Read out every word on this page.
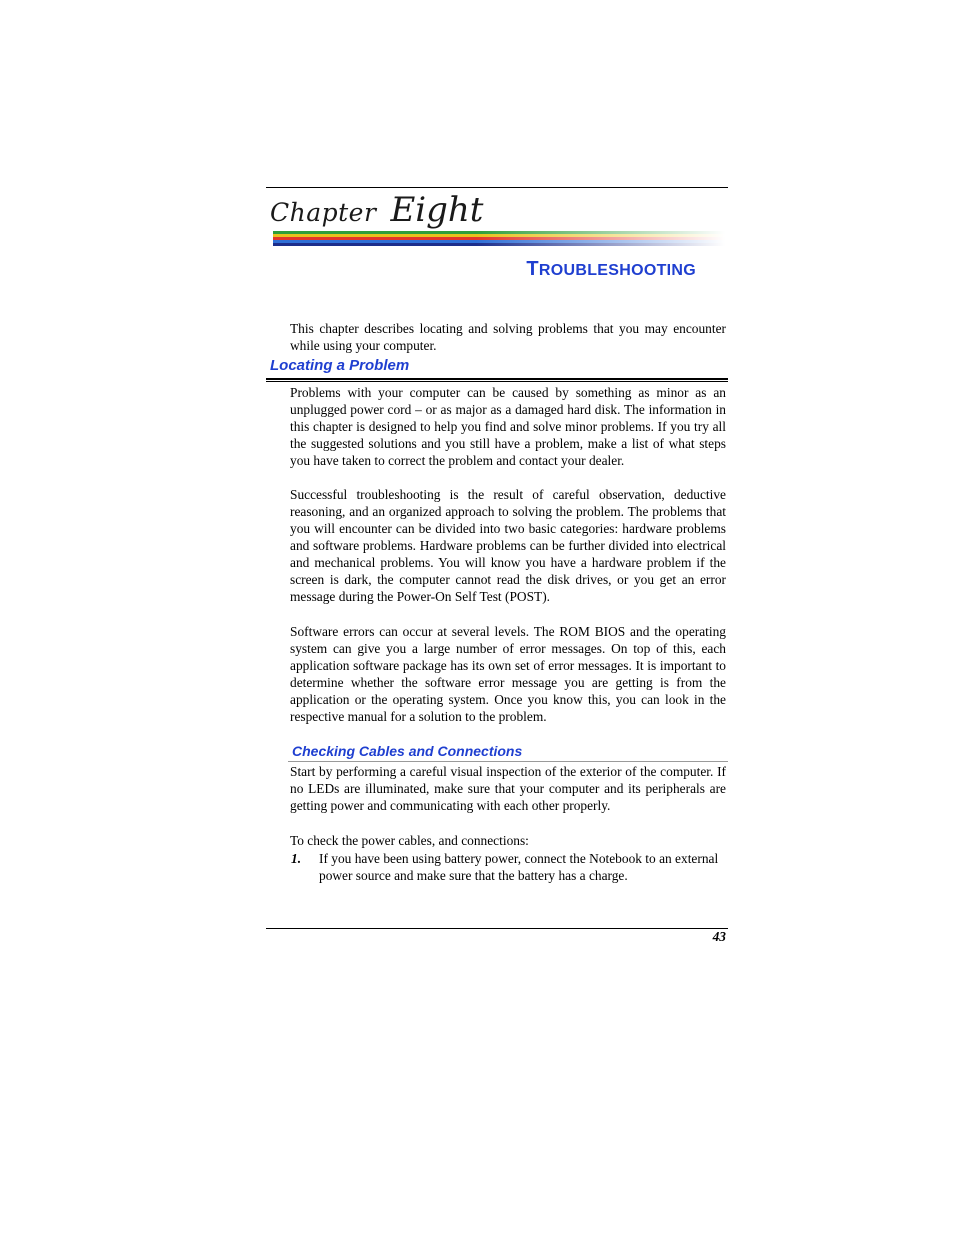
Chapter Eight
TROUBLESHOOTING
This chapter describes locating and solving problems that you may encounter while using your computer.
Locating a Problem
Problems with your computer can be caused by something as minor as an unplugged power cord – or as major as a damaged hard disk. The information in this chapter is designed to help you find and solve minor problems. If you try all the suggested solutions and you still have a problem, make a list of what steps you have taken to correct the problem and contact your dealer.
Successful troubleshooting is the result of careful observation, deductive reasoning, and an organized approach to solving the problem. The problems that you will encounter can be divided into two basic categories: hardware problems and software problems. Hardware problems can be further divided into electrical and mechanical problems. You will know you have a hardware problem if the screen is dark, the computer cannot read the disk drives, or you get an error message during the Power-On Self Test (POST).
Software errors can occur at several levels. The ROM BIOS and the operating system can give you a large number of error messages. On top of this, each application software package has its own set of error messages. It is important to determine whether the software error message you are getting is from the application or the operating system. Once you know this, you can look in the respective manual for a solution to the problem.
Checking Cables and Connections
Start by performing a careful visual inspection of the exterior of the computer. If no LEDs are illuminated, make sure that your computer and its peripherals are getting power and communicating with each other properly.
To check the power cables, and connections:
1. If you have been using battery power, connect the Notebook to an external power source and make sure that the battery has a charge.
43
